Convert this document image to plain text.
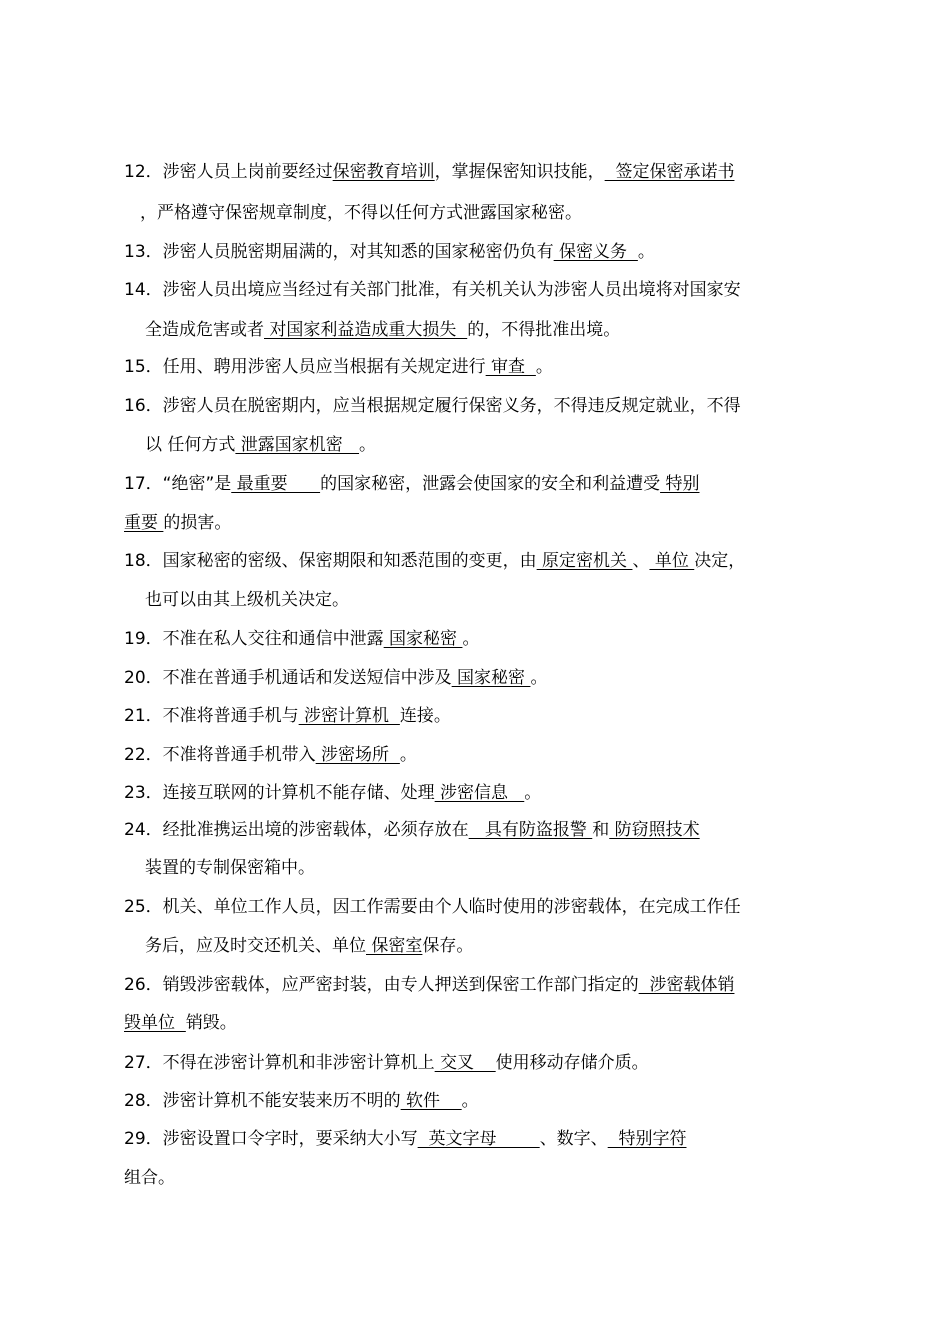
12．涉密人员上岗前要经过保密教育培训，掌握保密知识技能，  签定保密承诺书
，严格遵守保密规章制度，不得以任何方式泄露国家秘密。
13．涉密人员脱密期届满的，对其知悉的国家秘密仍负有 保密义务  。
14．涉密人员出境应当经过有关部门批准，有关机关认为涉密人员出境将对国家安
全造成危害或者 对国家利益造成重大损失  的，不得批准出境。
15．任用、聘用涉密人员应当根据有关规定进行 审查  。
16．涉密人员在脱密期内，应当根据规定履行保密义务，不得违反规定就业，不得
以 任何方式 泄露国家机密   。
17．“绝密”是 最重要      的国家秘密，泄露会使国家的安全和利益遭受 特别
重要 的损害。
18．国家秘密的密级、保密期限和知悉范围的变更，由 原定密机关 、 单位 决定，
也可以由其上级机关决定。
19．不准在私人交往和通信中泄露 国家秘密 。
20．不准在普通手机通话和发送短信中涉及 国家秘密 。
21．不准将普通手机与 涉密计算机  连接。
22．不准将普通手机带入 涉密场所  。
23．连接互联网的计算机不能存储、处理 涉密信息   。
24．经批准携运出境的涉密载体，必须存放在   具有防盗报警 和 防窃照技术
装置的专制保密箱中。
25．机关、单位工作人员，因工作需要由个人临时使用的涉密载体，在完成工作任
务后，应及时交还机关、单位 保密室保存。
26．销毁涉密载体，应严密封装，由专人押送到保密工作部门指定的  涉密载体销
毁单位  销毁。
27．不得在涉密计算机和非涉密计算机上 交叉    使用移动存储介质。
28．涉密计算机不能安装来历不明的 软件    。
29．涉密设置口令字时，要采纳大小写  英文字母        、数字、  特别字符
组合。
